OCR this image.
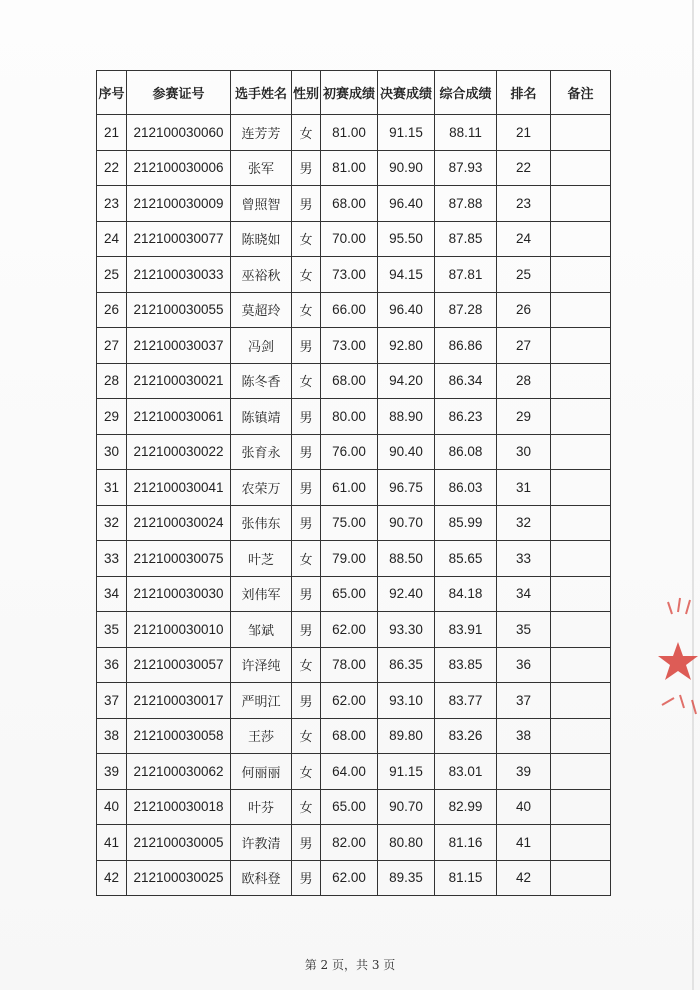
序号	参赛证号	选手姓名	性别	初赛成绩	决赛成绩	综合成绩	排名	备注
21	212100030060	连芳芳	女	81.00	91.15	88.11	21	
22	212100030006	张军	男	81.00	90.90	87.93	22	
23	212100030009	曾照智	男	68.00	96.40	87.88	23	
24	212100030077	陈晓如	女	70.00	95.50	87.85	24	
25	212100030033	巫裕秋	女	73.00	94.15	87.81	25	
26	212100030055	莫超玲	女	66.00	96.40	87.28	26	
27	212100030037	冯剑	男	73.00	92.80	86.86	27	
28	212100030021	陈冬香	女	68.00	94.20	86.34	28	
29	212100030061	陈镇靖	男	80.00	88.90	86.23	29	
30	212100030022	张育永	男	76.00	90.40	86.08	30	
31	212100030041	农荣万	男	61.00	96.75	86.03	31	
32	212100030024	张伟东	男	75.00	90.70	85.99	32	
33	212100030075	叶芝	女	79.00	88.50	85.65	33	
34	212100030030	刘伟军	男	65.00	92.40	84.18	34	
35	212100030010	邹斌	男	62.00	93.30	83.91	35	
36	212100030057	许泽纯	女	78.00	86.35	83.85	36	
37	212100030017	严明江	男	62.00	93.10	83.77	37	
38	212100030058	王莎	女	68.00	89.80	83.26	38	
39	212100030062	何丽丽	女	64.00	91.15	83.01	39	
40	212100030018	叶芬	女	65.00	90.70	82.99	40	
41	212100030005	许教清	男	82.00	80.80	81.16	41	
42	212100030025	欧科登	男	62.00	89.35	81.15	42	
第 2 页，共 3 页
